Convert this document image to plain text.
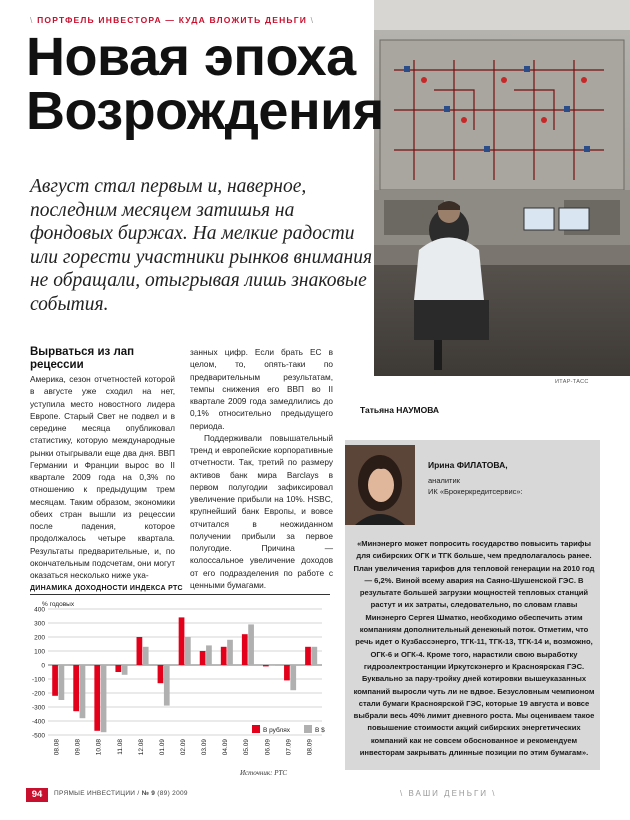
\ ПОРТФЕЛЬ ИНВЕСТОРА — КУДА ВЛОЖИТЬ ДЕНЬГИ \
Новая эпоха
Возрождения
Август стал первым и, наверное, последним месяцем затишья на фондовых биржах. На мелкие радости или горести участники рынков внимания не обращали, отыгрывая лишь знаковые события.
ИТАР-ТАСС
Вырваться из лап рецессии
Америка, сезон отчетностей которой в августе уже сходил на нет, уступила место новостного лидера Европе. Старый Свет не подвел и в середине месяца опубликовал статистику, которую международные рынки отыгрывали еще два дня. ВВП Германии и Франции вырос во II квартале 2009 года на 0,3% по отношению к предыдущим трем месяцам. Таким образом, экономики обеих стран вышли из рецессии после падения, которое продолжалось четыре квартала. Результаты предварительные, и, по окончательным подсчетам, они могут оказаться несколько ниже ука-

занных цифр. Если брать ЕС в целом, то, опять-таки по предварительным результатам, темпы снижения его ВВП во II квартале 2009 года замедлились до 0,1% относительно предыдущего периода.

Поддерживали повышательный тренд и европейские корпоративные отчетности. Так, третий по размеру активов банк мира Barclays в первом полугодии зафиксировал увеличение прибыли на 10%. HSBC, крупнейший банк Европы, и вовсе отчитался в неожиданном получении прибыли за первое полугодие. Причина — колоссальное увеличение доходов от его подразделения по работе с ценными бумагами.

Татьяна НАУМОВА
Ирина ФИЛАТОВА,
аналитик
ИК «Брокеркредитсервис»:
«Минэнерго может попросить государство повысить тарифы для сибирских ОГК и ТГК больше, чем предполагалось ранее. План увеличения тарифов для тепловой генерации на 2010 год — 6,2%. Виной всему авария на Саяно-Шушенской ГЭС. В результате большей загрузки мощностей тепловых станций растут и их затраты, следовательно, по словам главы Минэнерго Сергея Шматко, необходимо обеспечить этим компаниям дополнительный денежный поток. Отметим, что речь идет о Кузбассэнерго, ТГК-11, ТГК-13, ТГК-14 и, возможно, ОГК-6 и ОГК-4. Кроме того, нарастили свою выработку гидроэлектростанции Иркутскэнерго и Красноярская ГЭС. Буквально за пару-тройку дней котировки вышеуказанных компаний выросли чуть ли не вдвое. Безусловным чемпионом стали бумаги Красноярской ГЭС, которые 19 августа и вовсе выбрали весь 40% лимит дневного роста. Мы оцениваем такое повышение стоимости акций сибирских энергетических компаний как не совсем обоснованное и рекомендуем инвесторам закрывать длинные позиции по этим бумагам».
ДИНАМИКА ДОХОДНОСТИ ИНДЕКСА РТС
% годовых
400
300
200
100
0
-100
-200
-300
-400
-500
08.08 09.08 10.08 11.08 12.08 01.09 02.09 03.09 04.09 05.09 06.09 07.09 08.09
В рублях	В $
Источник: РТС
94	ПРЯМЫЕ ИНВЕСТИЦИИ / № 9 (89) 2009	\ ВАШИ ДЕНЬГИ \
